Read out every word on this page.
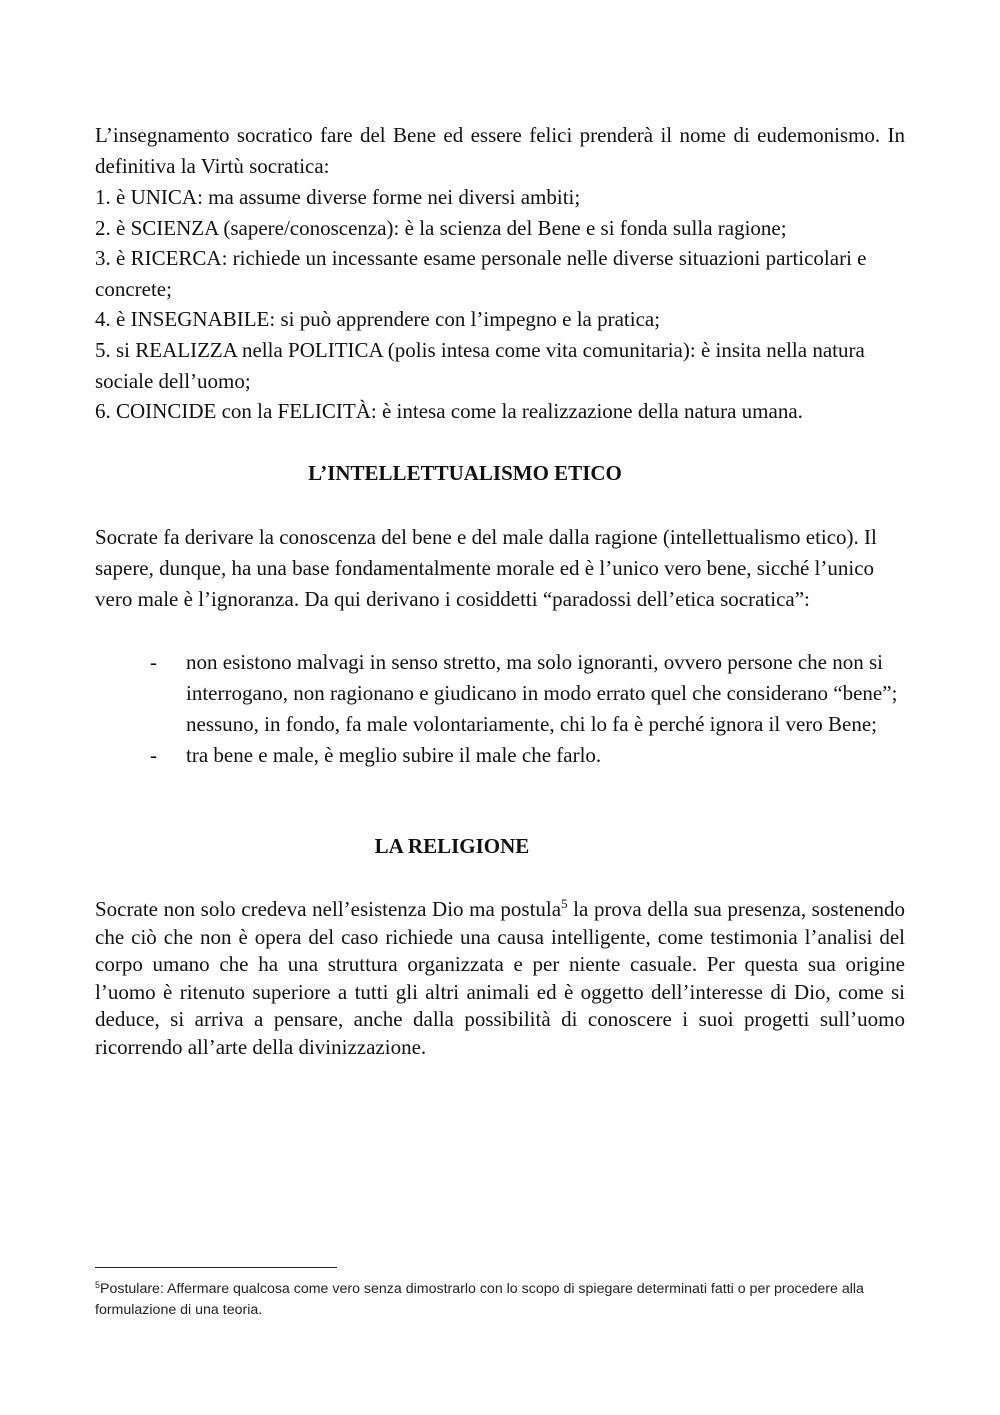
L’insegnamento socratico fare del Bene ed essere felici prenderà il nome di eudemonismo. In definitiva la Virtù socratica:

1. è UNICA: ma assume diverse forme nei diversi ambiti;

2. è SCIENZA (sapere/conoscenza): è la scienza del Bene e si fonda sulla ragione;

3. è RICERCA: richiede un incessante esame personale nelle diverse situazioni particolari e concrete;

4. è INSEGNABILE: si può apprendere con l’impegno e la pratica;

5. si REALIZZA nella POLITICA (polis intesa come vita comunitaria): è insita nella natura sociale dell’uomo;

6. COINCIDE con la FELICITÀ: è intesa come la realizzazione della natura umana.

L’INTELLETTUALISMO ETICO

Socrate fa derivare la conoscenza del bene e del male dalla ragione (intellettualismo etico). Il sapere, dunque, ha una base fondamentalmente morale ed è l’unico vero bene, sicché l’unico vero male è l’ignoranza. Da qui derivano i cosiddetti “paradossi dell’etica socratica”:

-	non esistono malvagi in senso stretto, ma solo ignoranti, ovvero persone che non si interrogano, non ragionano e giudicano in modo errato quel che considerano “bene”; nessuno, in fondo, fa male volontariamente, chi lo fa è perché ignora il vero Bene;
-	tra bene e male, è meglio subire il male che farlo.
LA RELIGIONE

Socrate non solo credeva nell’esistenza Dio ma postula$^5$ la prova della sua presenza, sostenendo che ciò che non è opera del caso richiede una causa intelligente, come testimonia l’analisi del corpo umano che ha una struttura organizzata e per niente casuale. Per questa sua origine l’uomo è ritenuto superiore a tutti gli altri animali ed è oggetto dell’interesse di Dio, come si deduce, si arriva a pensare, anche dalla possibilità di conoscere i suoi progetti sull’uomo ricorrendo all’arte della divinizzazione.

$^5$Postulare: Affermare qualcosa come vero senza dimostrarlo con lo scopo di spiegare determinati fatti o per procedere alla formulazione di una teoria.
